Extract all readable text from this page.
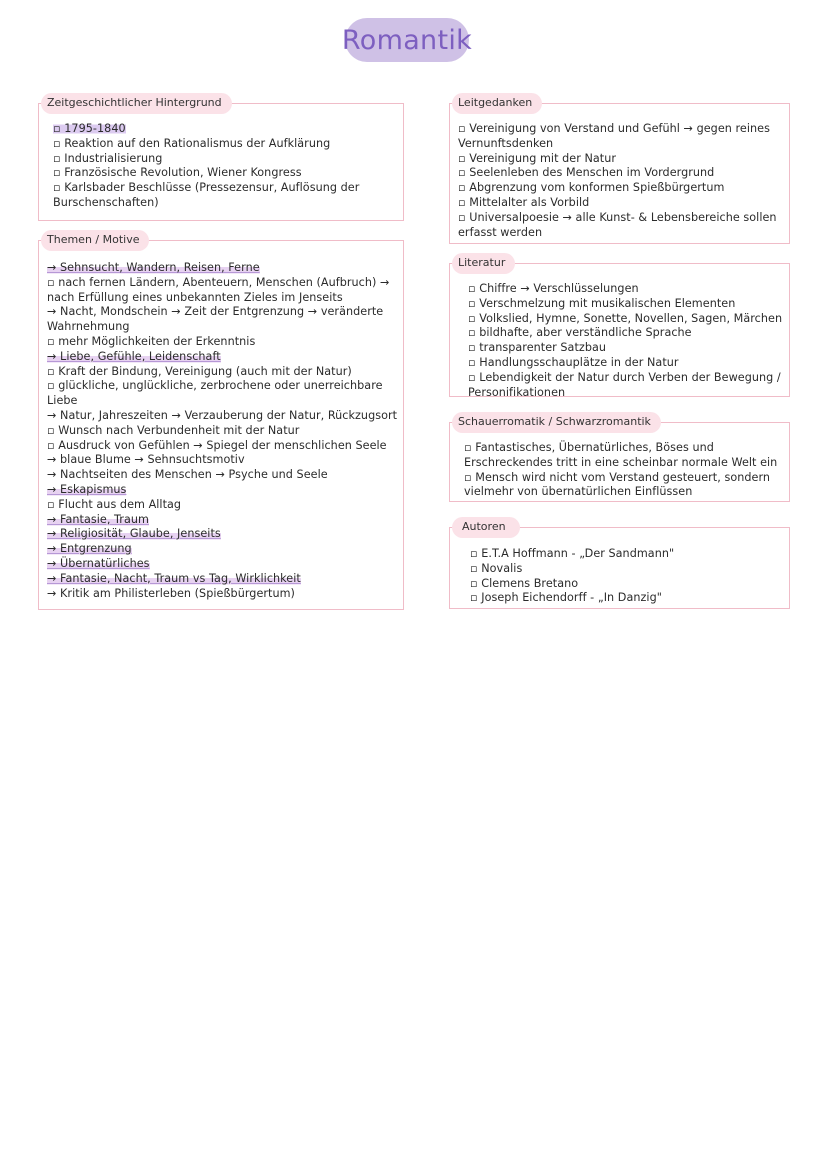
Romantik
Zeitgeschichtlicher Hintergrund
▫ 1795-1840
▫ Reaktion auf den Rationalismus der Aufklärung
▫ Industrialisierung
▫ Französische Revolution, Wiener Kongress
▫ Karlsbader Beschlüsse (Pressezensur, Auflösung der
Burschenschaften)
Themen / Motive
→ Sehnsucht, Wandern, Reisen, Ferne
▫ nach fernen Ländern, Abenteuern, Menschen (Aufbruch) →
nach Erfüllung eines unbekannten Zieles im Jenseits
→ Nacht, Mondschein → Zeit der Entgrenzung → veränderte
Wahrnehmung
▫ mehr Möglichkeiten der Erkenntnis
→ Liebe, Gefühle, Leidenschaft
▫ Kraft der Bindung, Vereinigung (auch mit der Natur)
▫ glückliche, unglückliche, zerbrochene oder unerreichbare
Liebe
→ Natur, Jahreszeiten → Verzauberung der Natur, Rückzugsort
▫ Wunsch nach Verbundenheit mit der Natur
▫ Ausdruck von Gefühlen → Spiegel der menschlichen Seele
→ blaue Blume → Sehnsuchtsmotiv
→ Nachtseiten des Menschen → Psyche und Seele
→ Eskapismus
▫ Flucht aus dem Alltag
→ Fantasie, Traum
→ Religiosität, Glaube, Jenseits
→ Entgrenzung
→ Übernatürliches
→ Fantasie, Nacht, Traum vs Tag, Wirklichkeit
→ Kritik am Philisterleben (Spießbürgertum)
Leitgedanken
▫ Vereinigung von Verstand und Gefühl → gegen reines
Vernunftsdenken
▫ Vereinigung mit der Natur
▫ Seelenleben des Menschen im Vordergrund
▫ Abgrenzung vom konformen Spießbürgertum
▫ Mittelalter als Vorbild
▫ Universalpoesie → alle Kunst- & Lebensbereiche sollen
erfasst werden
Literatur
▫ Chiffre → Verschlüsselungen
▫ Verschmelzung mit musikalischen Elementen
▫ Volkslied, Hymne, Sonette, Novellen, Sagen, Märchen
▫ bildhafte, aber verständliche Sprache
▫ transparenter Satzbau
▫ Handlungsschauplätze in der Natur
▫ Lebendigkeit der Natur durch Verben der Bewegung /
Personifikationen
Schauerromatik / Schwarzromantik
▫ Fantastisches, Übernatürliches, Böses und
Erschreckendes tritt in eine scheinbar normale Welt ein
▫ Mensch wird nicht vom Verstand gesteuert, sondern
vielmehr von übernatürlichen Einflüssen
Autoren
▫ E.T.A Hoffmann - „Der Sandmann"
▫ Novalis
▫ Clemens Bretano
▫ Joseph Eichendorff - „In Danzig"
